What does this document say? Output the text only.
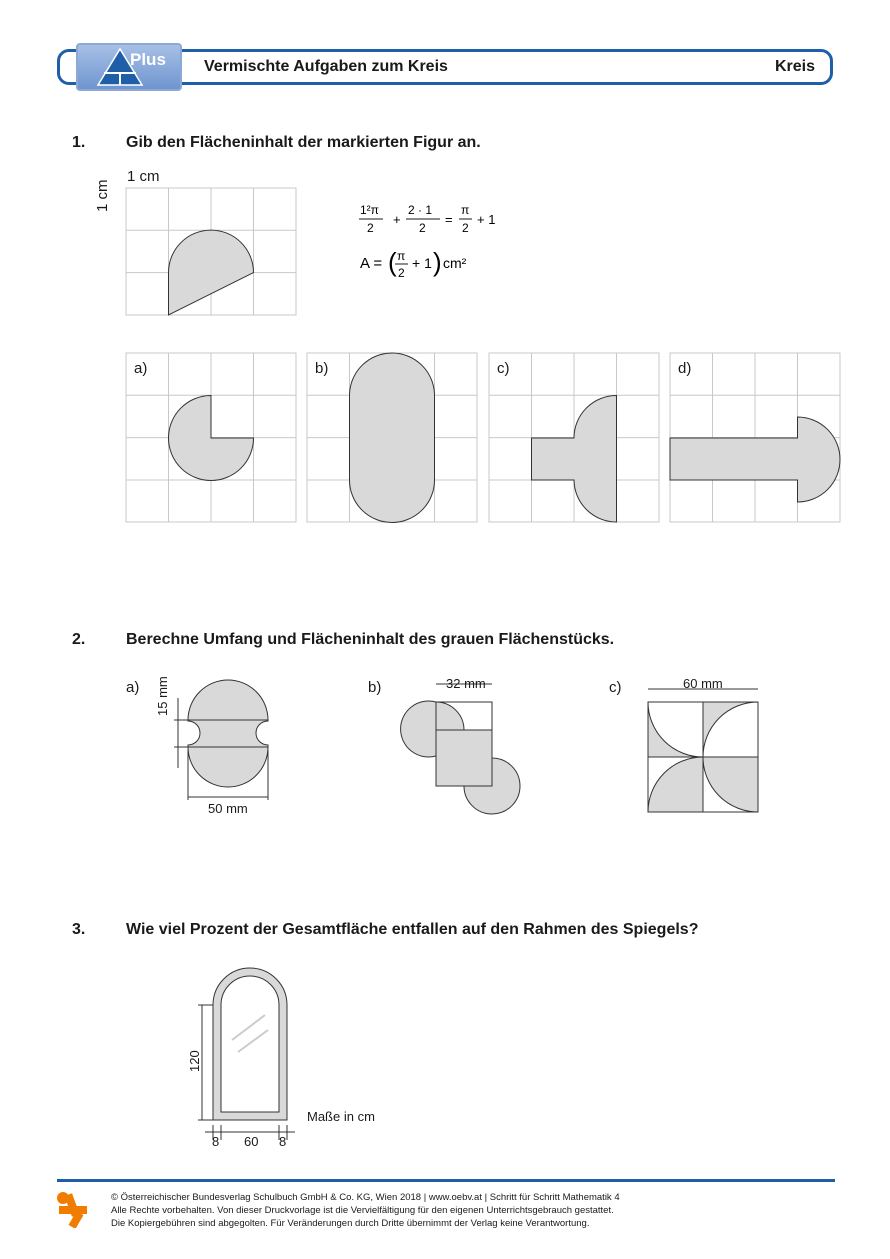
Plus Vermischte Aufgaben zum Kreis	Kreis
1.	Gib den Flächeninhalt der markierten Figur an.
1 cm
1 cm	1²π
2
+
2 · 1
2
=
π
2
+ 1
A = ( π
2
+ 1 ) cm²
a)	b)	c)	d)
2.	Berechne Umfang und Flächeninhalt des grauen Flächenstücks.
a) 15 mm
50 mm
b)	32 mm	c)	60 mm
3.	Wie viel Prozent der Gesamtfläche entfallen auf den Rahmen des Spiegels?
120
8 60 8
Maße in cm
© Österreichischer Bundesverlag Schulbuch GmbH & Co. KG, Wien 2018 | www.oebv.at | Schritt für Schritt Mathematik 4
Alle Rechte vorbehalten. Von dieser Druckvorlage ist die Vervielfältigung für den eigenen Unterrichtsgebrauch gestattet.
Die Kopiergebühren sind abgegolten. Für Veränderungen durch Dritte übernimmt der Verlag keine Verantwortung.
